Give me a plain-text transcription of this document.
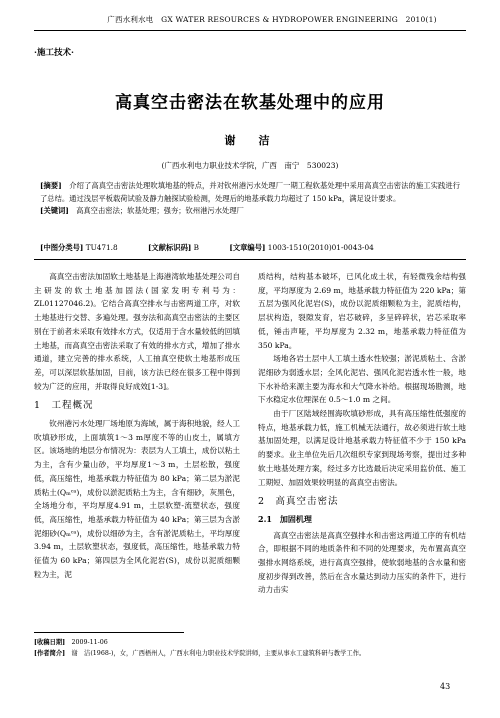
广西水利水电　GX WATER RESOURCES & HYDROPOWER ENGINEERING　2010(1)
·施工技术·
高真空击密法在软基处理中的应用
谢　洁
(广西水利电力职业技术学院，广西　南宁　530023)
[摘要]　 介绍了高真空击密法处理吹填地基的特点，并对钦州港污水处理厂一期工程软基处理中采用高真空击密法的施工实践进行了总结。通过浅层平板载荷试验及静力触探试验检测，处理后的地基承载力均超过了 150 kPa，满足设计要求。
[关键词]　 高真空击密法；软基处理；强夯；钦州港污水处理厂
[中图分类号] TU471.8	[文献标识码] B	[文章编号] 1003-1510(2010)01-0043-04

高真空击密法加固软土地基是上海港湾软地基处理公司自主研发的软土地基加固法(国家发明专利号为：ZL01127046.2)。它结合高真空排水与击密两道工序，对软土地基进行交替、多遍处理。强夯法和高真空击密法的主要区别在于前者未采取有效排水方式，仅适用于含水量较低的回填土地基，而高真空击密法采取了有效的排水方式，增加了排水通道，建立完善的排水系统，人工抽真空使软土地基形成压差，可以深层软基加固，目前，该方法已经在很多工程中得到较为广泛的应用，并取得良好成效[1-3]。

1　工程概况

钦州港污水处理厂场地原为海域，属于海积地貌，经人工吹填砂形成，上面填筑1～3 m厚度不等的山皮土，属填方区。该场地的地层分布情况为：表层为人工填土，成份以粘土为主，含有少量山砂，平均厚度1～3 m，土层松散，强度低，高压缩性，地基承载力特征值为 80 kPa；第二层为淤泥质粘土(Qₘᶜᵃ)，成份以淤泥质粘土为主，含有细砂，灰黑色，全场地分布，平均厚度4.91 m，土层软塑-流塑状态，强度低，高压缩性，地基承载力特征值为 40 kPa；第三层为含淤泥细砂(Qₘᶜᵃ)，成份以细砂为主，含有淤泥质粘土，平均厚度3.94 m，土层软塑状态，强度低，高压缩性，地基承载力特征值为 60 kPa；第四层为全风化泥岩(S)，成份以泥质细颗粒为主，泥

质结构，结构基本破坏，已风化成土状，有轻微残余结构强度，平均厚度为 2.69 m，地基承载力特征值为 220 kPa；第五层为强风化泥岩(S)，成份以泥质细颗粒为主，泥质结构，层状构造，裂隙发育，岩芯破碎，多呈碎碎状，岩芯采取率低，锤击声哑，平均厚度为 2.32 m，地基承载力特征值为 350 kPa。

场地各岩土层中人工填土透水性较强；淤泥质粘土、含淤泥细砂为弱透水层；全风化泥岩、强风化泥岩透水性一般，地下水补给来源主要为海水和大气降水补给。根据现场勘测，地下水稳定水位埋深在 0.5～1.0 m 之间。

由于厂区陆域经围海吹填砂形成，具有高压缩性低强度的特点，地基承载力低，施工机械无法通行，故必须进行软土地基加固处理，以满足设计地基承载力特征值不少于 150 kPa 的要求。业主单位先后几次组织专家到现场考察，提出过多种软土地基处理方案，经过多方比选最后决定采用监价低、施工工期短、加固效果较明显的高真空击密法。

2　高真空击密法
2.1　加固机理

高真空击密法是高真空强排水和击密这两道工序的有机结合，即根据不同的地质条件和不同的处理要求，先布置高真空强排水网络系统，进行高真空强排，使软弱地基的含水量和密度初步得到改善，然后在含水量达到动力压实的条件下，进行动力击实

[收稿日期]　 2009-11-06
[作者简介]　 谢　洁(1968-)，女，广西梧州人，广西水利电力职业技术学院讲师，主要从事水工建筑科研与教学工作。
43
